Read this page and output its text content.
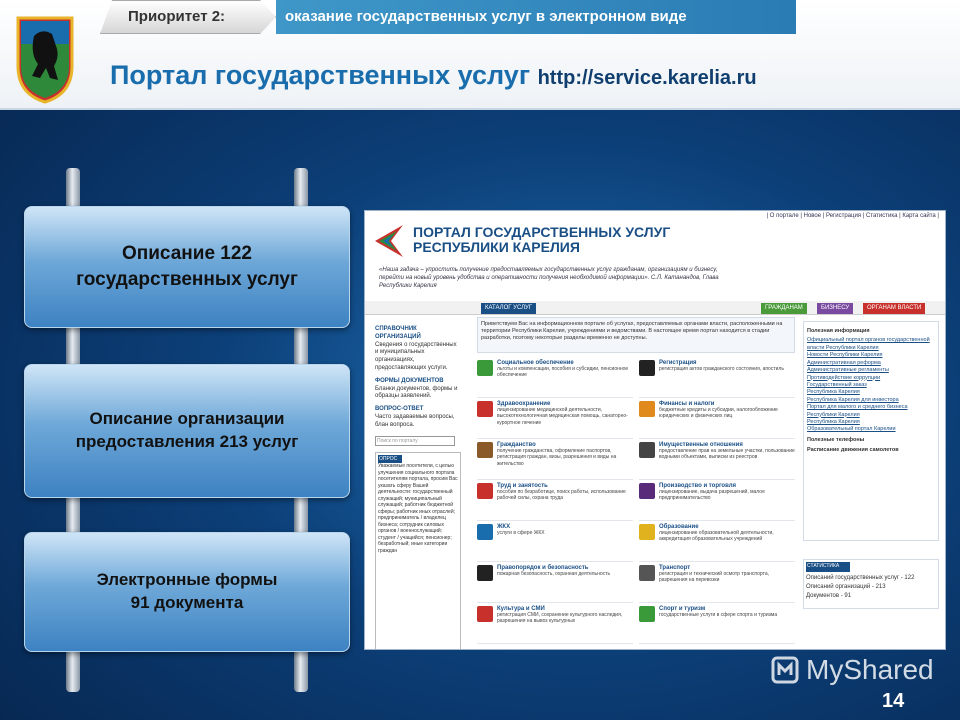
Приоритет 2:	оказание государственных услуг в электронном виде
Портал государственных услуг http://service.karelia.ru
Описание 122
государственных услуг
Описание организации
предоставления 213 услуг
Электронные формы
91 документа
| О портале | Новое | Регистрация | Статистика | Карта сайта |
ПОРТАЛ ГОСУДАРСТВЕННЫХ УСЛУГ РЕСПУБЛИКИ КАРЕЛИЯ
«Наша задача – упростить получение предоставляемых государственных услуг гражданам, организациям и бизнесу, перейти на новый уровень удобства и оперативности получения необходимой информации». С.Л. Катанандов, Глава Республики Карелия
КАТАЛОГ УСЛУГ	ГРАЖДАНАМ	БИЗНЕСУ	ОРГАНАМ ВЛАСТИ
СПРАВОЧНИК ОРГАНИЗАЦИЙ
Сведения о государственных и муниципальных организациях, предоставляющих услуги.
ФОРМЫ ДОКУМЕНТОВ
Бланки документов, формы и образцы заявлений.
ВОПРОС-ОТВЕТ
Часто задаваемые вопросы, блан вопроса.
Поиск по порталу
ОПРОС
Уважаемые посетители, с целью улучшения социального портала посетителям портала, просим Вас указать сферу Вашей деятельности: государственный служащий; муниципальный служащий; работник бюджетной сферы; работник иных отраслей; предприниматель / владелец бизнеса; сотрудник силовых органов / военнослужащий; студент / учащийся; пенсионер; безработный; иные категории граждан
Приветствуем Вас на информационном портале об услугах, предоставляемых органами власти, расположенными на территории Республики Карелия, учреждениями и ведомствами. В настоящее время портал находится в стадии разработки, поэтому некоторые разделы временно не доступны.
Социальное обеспечение
льготы и компенсации, пособия и субсидии, пенсионное обеспечение
Регистрация
регистрация актов гражданского состояния, апостиль
Здравоохранение
лицензирование медицинской деятельности, высокотехнологичная медицинская помощь, санаторно-курортное лечение
Финансы и налоги
бюджетные кредиты и субсидии, налогообложение юридических и физических лиц
Гражданство
получение гражданства, оформление паспортов, регистрация граждан, визы, разрешения и виды на жительство
Имущественные отношения
предоставление прав на земельные участки, пользование водными объектами, выписки из реестров
Труд и занятость
пособия по безработице, поиск работы, использование рабочей силы, охрана труда
Производство и торговля
лицензирование, выдача разрешений, малое предпринимательство
ЖКХ
услуги в сфере ЖКХ
Образование
лицензирование образовательной деятельности, аккредитация образовательных учреждений
Правопорядок и безопасность
пожарная безопасность, охранная деятельность
Транспорт
регистрация и технический осмотр транспорта, разрешения на перевозки
Культура и СМИ
регистрация СМИ, сохранение культурного наследия, разрешения на вывоз культурных
Спорт и туризм
государственные услуги в сфере спорта и туризма
Полезная информация
Официальный портал органов государственной власти Республики Карелия
Новости Республики Карелия
Административная реформа
Административные регламенты
Противодействие коррупции
Государственный заказ
Республика Карелия
Республика Карелия для инвестора
Портал для малого и среднего бизнеса Республики Карелия
Республика Карелия
Образовательный портал Карелии
Полезные телефоны
Расписание движения самолетов
СТАТИСТИКА
Описаний государственных услуг - 122
Описаний организаций - 213
Документов - 91
MyShared
14
